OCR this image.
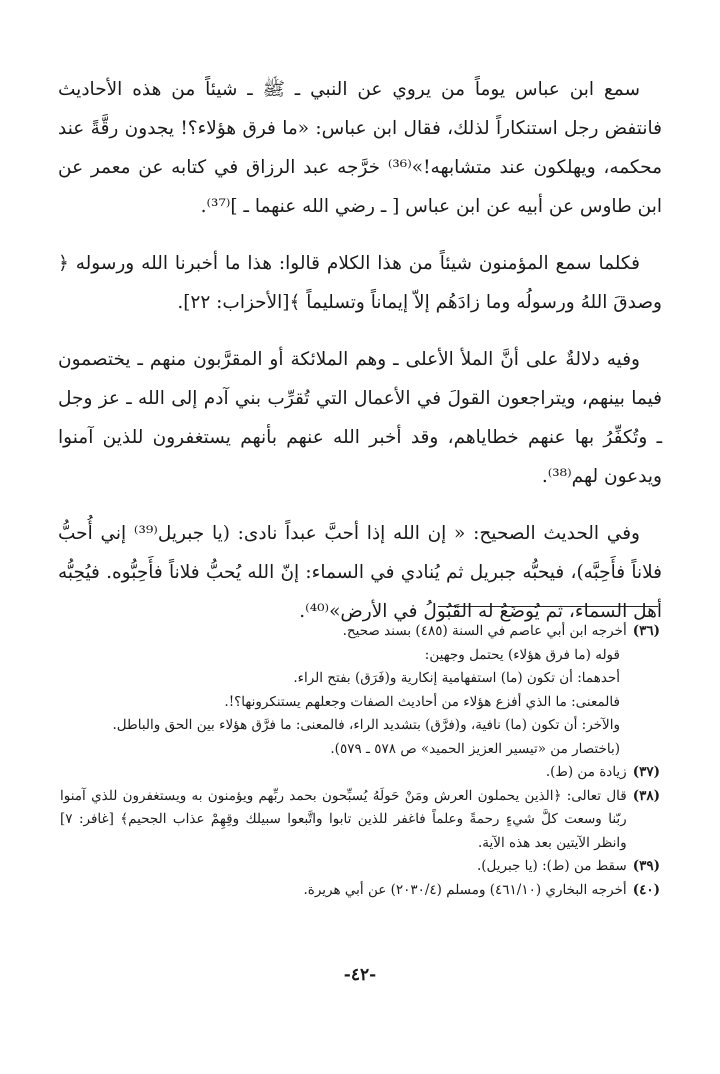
سمع ابن عباس يوماً من يروي عن النبي ـ ﷺ ـ شيئاً من هذه الأحاديث فانتفض رجل استنكاراً لذلك، فقال ابن عباس: «ما فرق هؤلاء؟! يجدون رقَّةً عند محكمه، ويهلكون عند متشابهه!»⁽³⁶⁾ خرَّجه عبد الرزاق في كتابه عن معمر عن ابن طاوس عن أبيه عن ابن عباس [ ـ رضي الله عنهما ـ ]⁽³⁷⁾.

فكلما سمع المؤمنون شيئاً من هذا الكلام قالوا: هذا ما أخبرنا الله ورسوله ﴿ وصدقَ اللهُ ورسولُه وما زادَهُم إلاّ إيماناً وتسليماً ﴾[الأحزاب: ٢٢].

وفيه دلالةٌ على أنَّ الملأ الأعلى ـ وهم الملائكة أو المقرَّبون منهم ـ يختصمون فيما بينهم، ويتراجعون القولَ في الأعمال التي تُقرِّب بني آدم إلى الله ـ عز وجل ـ وتُكفِّرُ بها عنهم خطاياهم، وقد أخبر الله عنهم بأنهم يستغفرون للذين آمنوا ويدعون لهم⁽³⁸⁾.

وفي الحديث الصحيح: « إن الله إذا أحبَّ عبداً نادى: (يا جبريل⁽³⁹⁾ إني أُحبُّ فلاناً فأَحِبَّه)، فيحبُّه جبريل ثم يُنادي في السماء: إنّ الله يُحبُّ فلاناً فأَحِبُّوه. فيُحِبُّه أهل السماء، ثم يُوضَعُ له القَبُولُ في الأرض»⁽⁴⁰⁾.

(٣٦)
أخرجه ابن أبي عاصم في السنة (٤٨٥) بسند صحيح.

قوله (ما فرق هؤلاء) يحتمل وجهين:

أحدهما: أن تكون (ما) استفهامية إنكارية و(فَرَق) بفتح الراء.

فالمعنى: ما الذي أفزع هؤلاء من أحاديث الصفات وجعلهم يستنكرونها؟!.

والآخر: أن تكون (ما) نافية، و(فرَّق) بتشديد الراء، فالمعنى: ما فرَّق هؤلاء بين الحق والباطل.

(باختصار من «تيسير العزيز الحميد» ص ٥٧٨ ـ ٥٧٩).

(٣٧)
زيادة من (ط).
(٣٨)
قال تعالى: ﴿الذين يحملون العرش ومَنْ حَولَهُ يُسبِّحون بحمد ربِّهم ويؤمنون به ويستغفرون للذي آمنوا ربّنا وسعت كلَّ شيءٍ رحمةً وعلماً فاغفر للذين تابوا واتَّبعوا سبيلك وقِهِمْ عذاب الجحيم﴾ [غافر: ٧] وانظر الآيتين بعد هذه الآية.
(٣٩)
سقط من (ط): (يا جبريل).
(٤٠)
أخرجه البخاري (٤٦١/١٠) ومسلم (٢٠٣٠/٤) عن أبي هريرة.
-٤٢-
